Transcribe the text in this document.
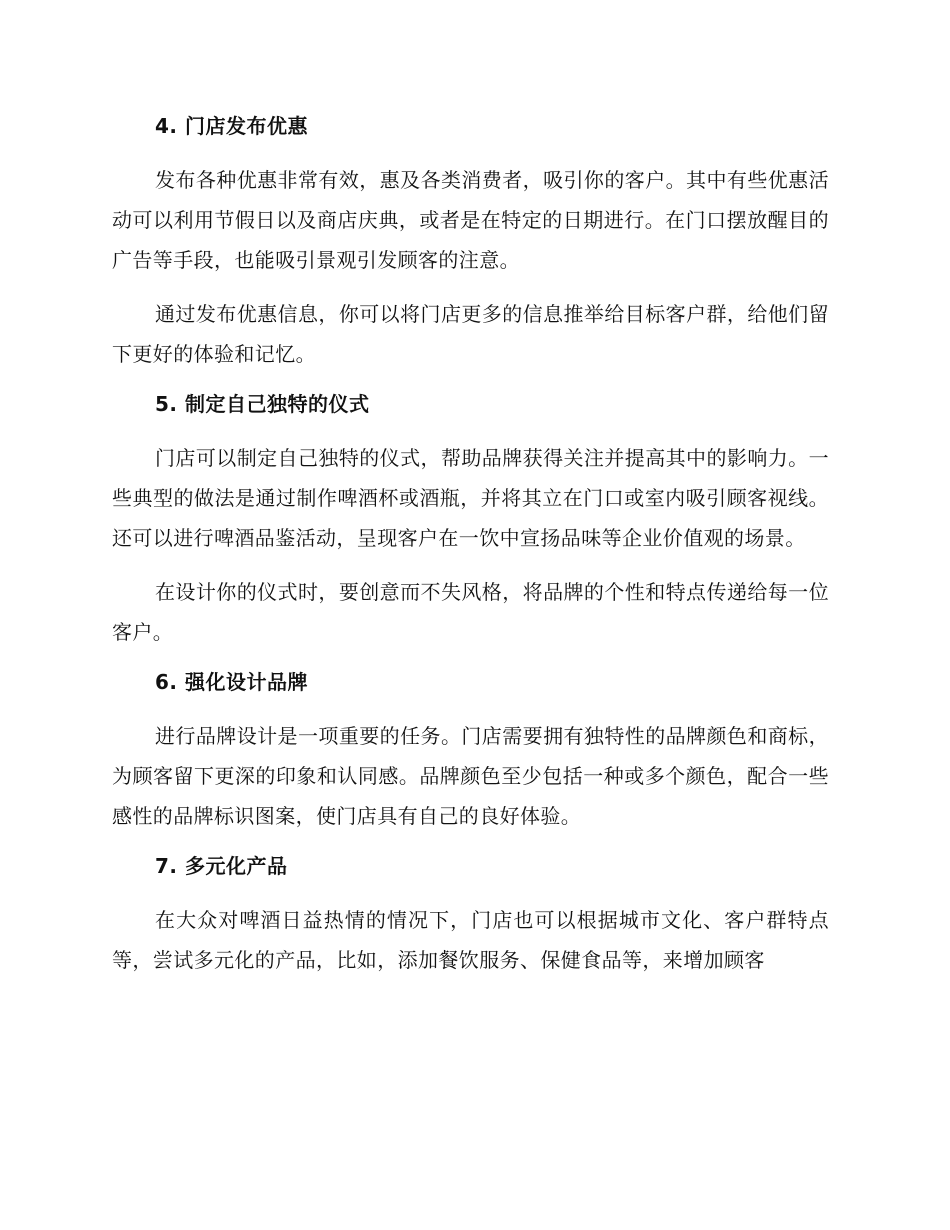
4. 门店发布优惠

发布各种优惠非常有效，惠及各类消费者，吸引你的客户。其中有些优惠活动可以利用节假日以及商店庆典，或者是在特定的日期进行。在门口摆放醒目的广告等手段，也能吸引景观引发顾客的注意。

通过发布优惠信息，你可以将门店更多的信息推举给目标客户群，给他们留下更好的体验和记忆。

5. 制定自己独特的仪式

门店可以制定自己独特的仪式，帮助品牌获得关注并提高其中的影响力。一些典型的做法是通过制作啤酒杯或酒瓶，并将其立在门口或室内吸引顾客视线。还可以进行啤酒品鉴活动，呈现客户在一饮中宣扬品味等企业价值观的场景。

在设计你的仪式时，要创意而不失风格，将品牌的个性和特点传递给每一位客户。

6. 强化设计品牌

进行品牌设计是一项重要的任务。门店需要拥有独特性的品牌颜色和商标，为顾客留下更深的印象和认同感。品牌颜色至少包括一种或多个颜色，配合一些感性的品牌标识图案，使门店具有自己的良好体验。

7. 多元化产品

在大众对啤酒日益热情的情况下，门店也可以根据城市文化、客户群特点等，尝试多元化的产品，比如，添加餐饮服务、保健食品等，来增加顾客
